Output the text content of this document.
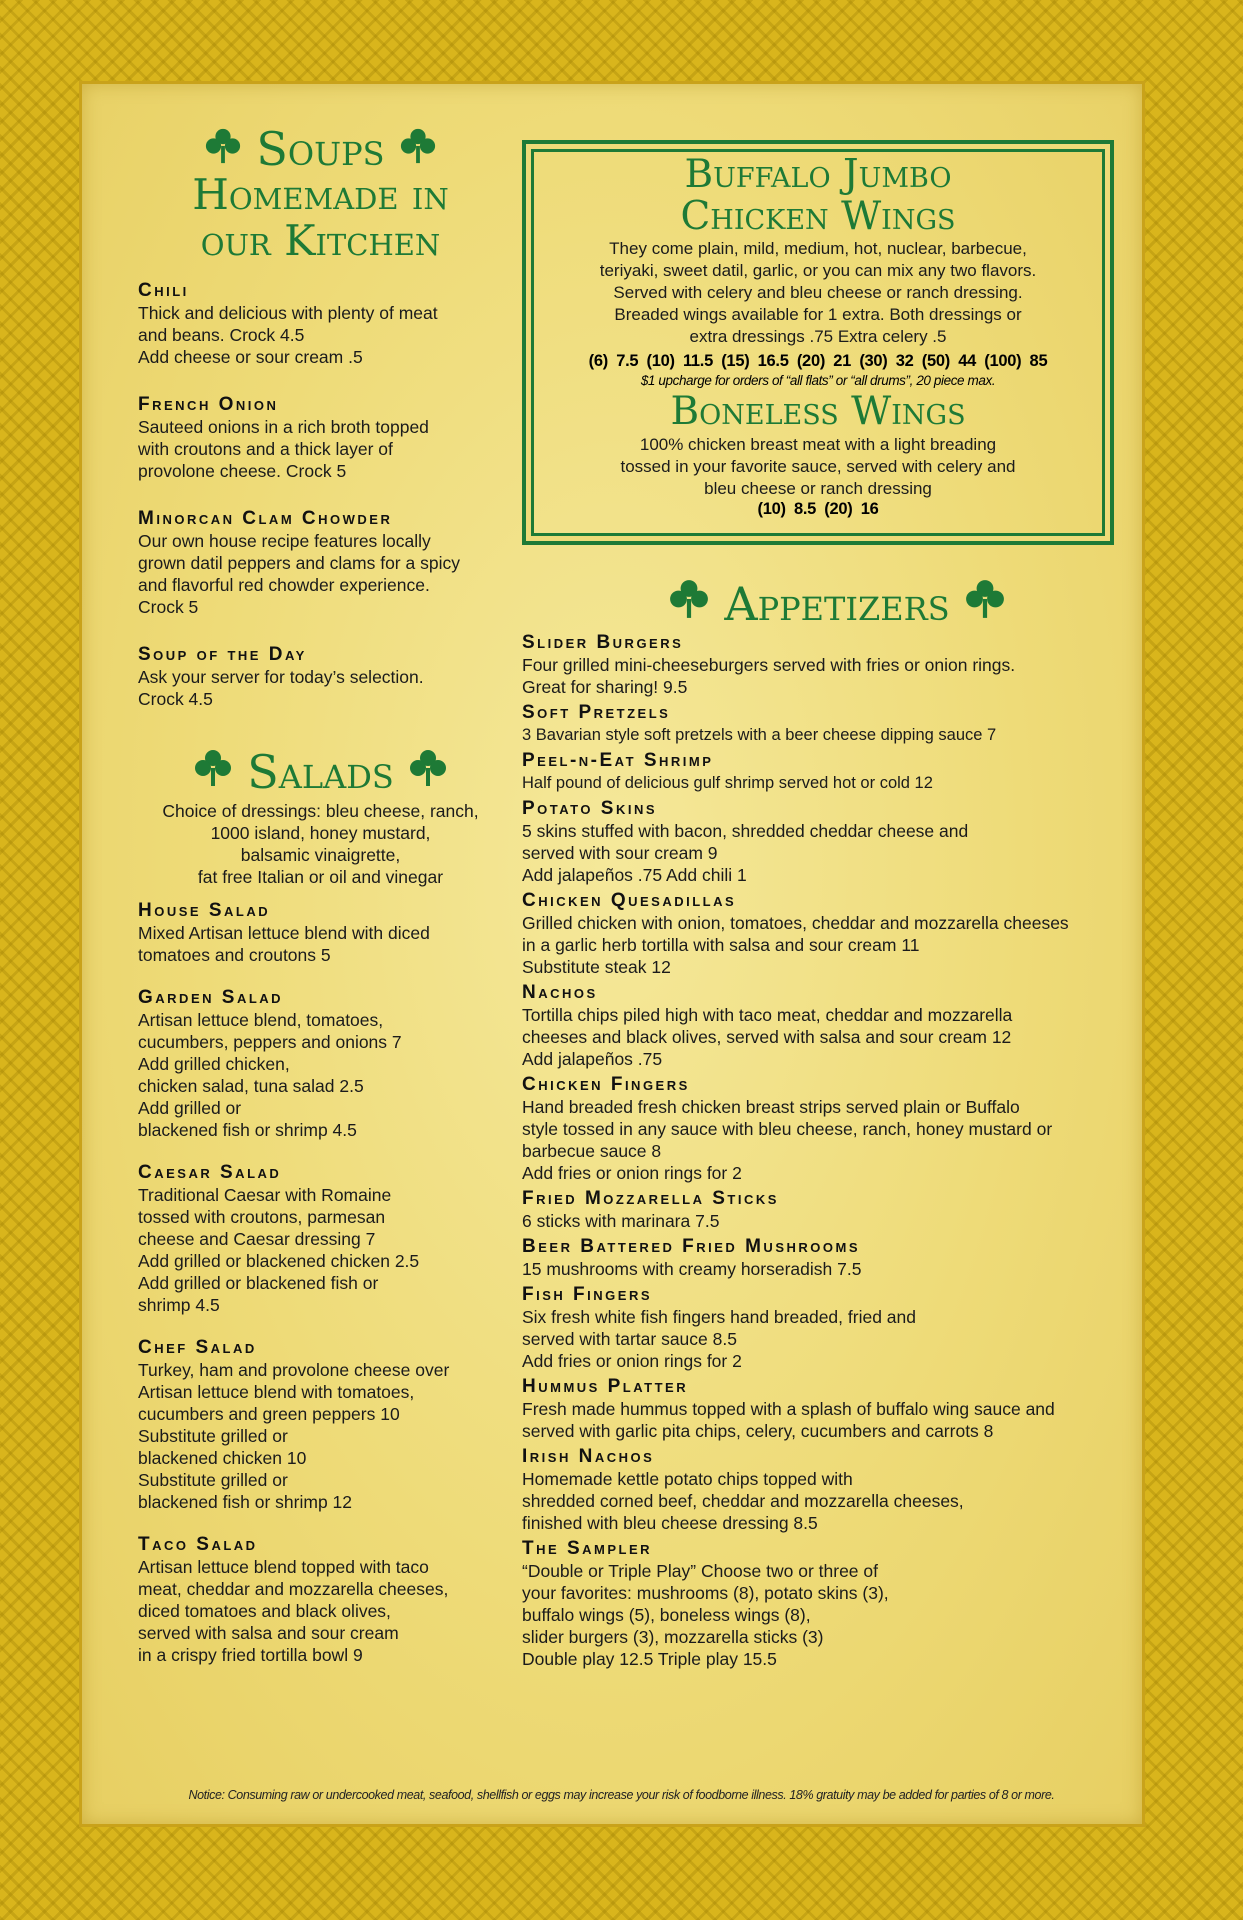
Soups
Homemade in
our Kitchen

Chili

Thick and delicious with plenty of meat
and beans. Crock 4.5
Add cheese or sour cream .5

French Onion

Sauteed onions in a rich broth topped
with croutons and a thick layer of
provolone cheese. Crock 5

Minorcan Clam Chowder

Our own house recipe features locally
grown datil peppers and clams for a spicy
and flavorful red chowder experience.
Crock 5

Soup of the Day

Ask your server for today’s selection.
Crock 4.5

Salads

Choice of dressings: bleu cheese, ranch,
1000 island, honey mustard,
balsamic vinaigrette,
fat free Italian or oil and vinegar

House Salad

Mixed Artisan lettuce blend with diced
tomatoes and croutons 5

Garden Salad

Artisan lettuce blend, tomatoes,
cucumbers, peppers and onions 7
Add grilled chicken,
chicken salad, tuna salad 2.5
Add grilled or
blackened fish or shrimp 4.5

Caesar Salad

Traditional Caesar with Romaine
tossed with croutons, parmesan
cheese and Caesar dressing 7
Add grilled or blackened chicken 2.5
Add grilled or blackened fish or
shrimp 4.5

Chef Salad

Turkey, ham and provolone cheese over
Artisan lettuce blend with tomatoes,
cucumbers and green peppers 10
Substitute grilled or
blackened chicken 10
Substitute grilled or
blackened fish or shrimp 12

Taco Salad

Artisan lettuce blend topped with taco
meat, cheddar and mozzarella cheeses,
diced tomatoes and black olives,
served with salsa and sour cream
in a crispy fried tortilla bowl 9

Buffalo Jumbo
Chicken Wings

They come plain, mild, medium, hot, nuclear, barbecue,
teriyaki, sweet datil, garlic, or you can mix any two flavors.
Served with celery and bleu cheese or ranch dressing.
Breaded wings available for 1 extra. Both dressings or
extra dressings .75 Extra celery .5

(6) 7.5 (10) 11.5 (15) 16.5 (20) 21 (30) 32 (50) 44 (100) 85

$1 upcharge for orders of “all flats” or “all drums”, 20 piece max.

Boneless Wings

100% chicken breast meat with a light breading
tossed in your favorite sauce, served with celery and
bleu cheese or ranch dressing

(10) 8.5 (20) 16

Appetizers

Slider Burgers

Four grilled mini-cheeseburgers served with fries or onion rings.
Great for sharing! 9.5

Soft Pretzels

3 Bavarian style soft pretzels with a beer cheese dipping sauce 7

Peel-n-Eat Shrimp

Half pound of delicious gulf shrimp served hot or cold 12

Potato Skins

5 skins stuffed with bacon, shredded cheddar cheese and
served with sour cream 9
Add jalapeños .75 Add chili 1

Chicken Quesadillas

Grilled chicken with onion, tomatoes, cheddar and mozzarella cheeses
in a garlic herb tortilla with salsa and sour cream 11
Substitute steak 12

Nachos

Tortilla chips piled high with taco meat, cheddar and mozzarella
cheeses and black olives, served with salsa and sour cream 12
Add jalapeños .75

Chicken Fingers

Hand breaded fresh chicken breast strips served plain or Buffalo
style tossed in any sauce with bleu cheese, ranch, honey mustard or
barbecue sauce 8
Add fries or onion rings for 2

Fried Mozzarella Sticks

6 sticks with marinara 7.5

Beer Battered Fried Mushrooms

15 mushrooms with creamy horseradish 7.5

Fish Fingers

Six fresh white fish fingers hand breaded, fried and
served with tartar sauce 8.5
Add fries or onion rings for 2

Hummus Platter

Fresh made hummus topped with a splash of buffalo wing sauce and
served with garlic pita chips, celery, cucumbers and carrots 8

Irish Nachos

Homemade kettle potato chips topped with
shredded corned beef, cheddar and mozzarella cheeses,
finished with bleu cheese dressing 8.5

The Sampler

“Double or Triple Play” Choose two or three of
your favorites: mushrooms (8), potato skins (3),
buffalo wings (5), boneless wings (8),
slider burgers (3), mozzarella sticks (3)
Double play 12.5 Triple play 15.5

Notice: Consuming raw or undercooked meat, seafood, shellfish or eggs may increase your risk of foodborne illness. 18% gratuity may be added for parties of 8 or more.
